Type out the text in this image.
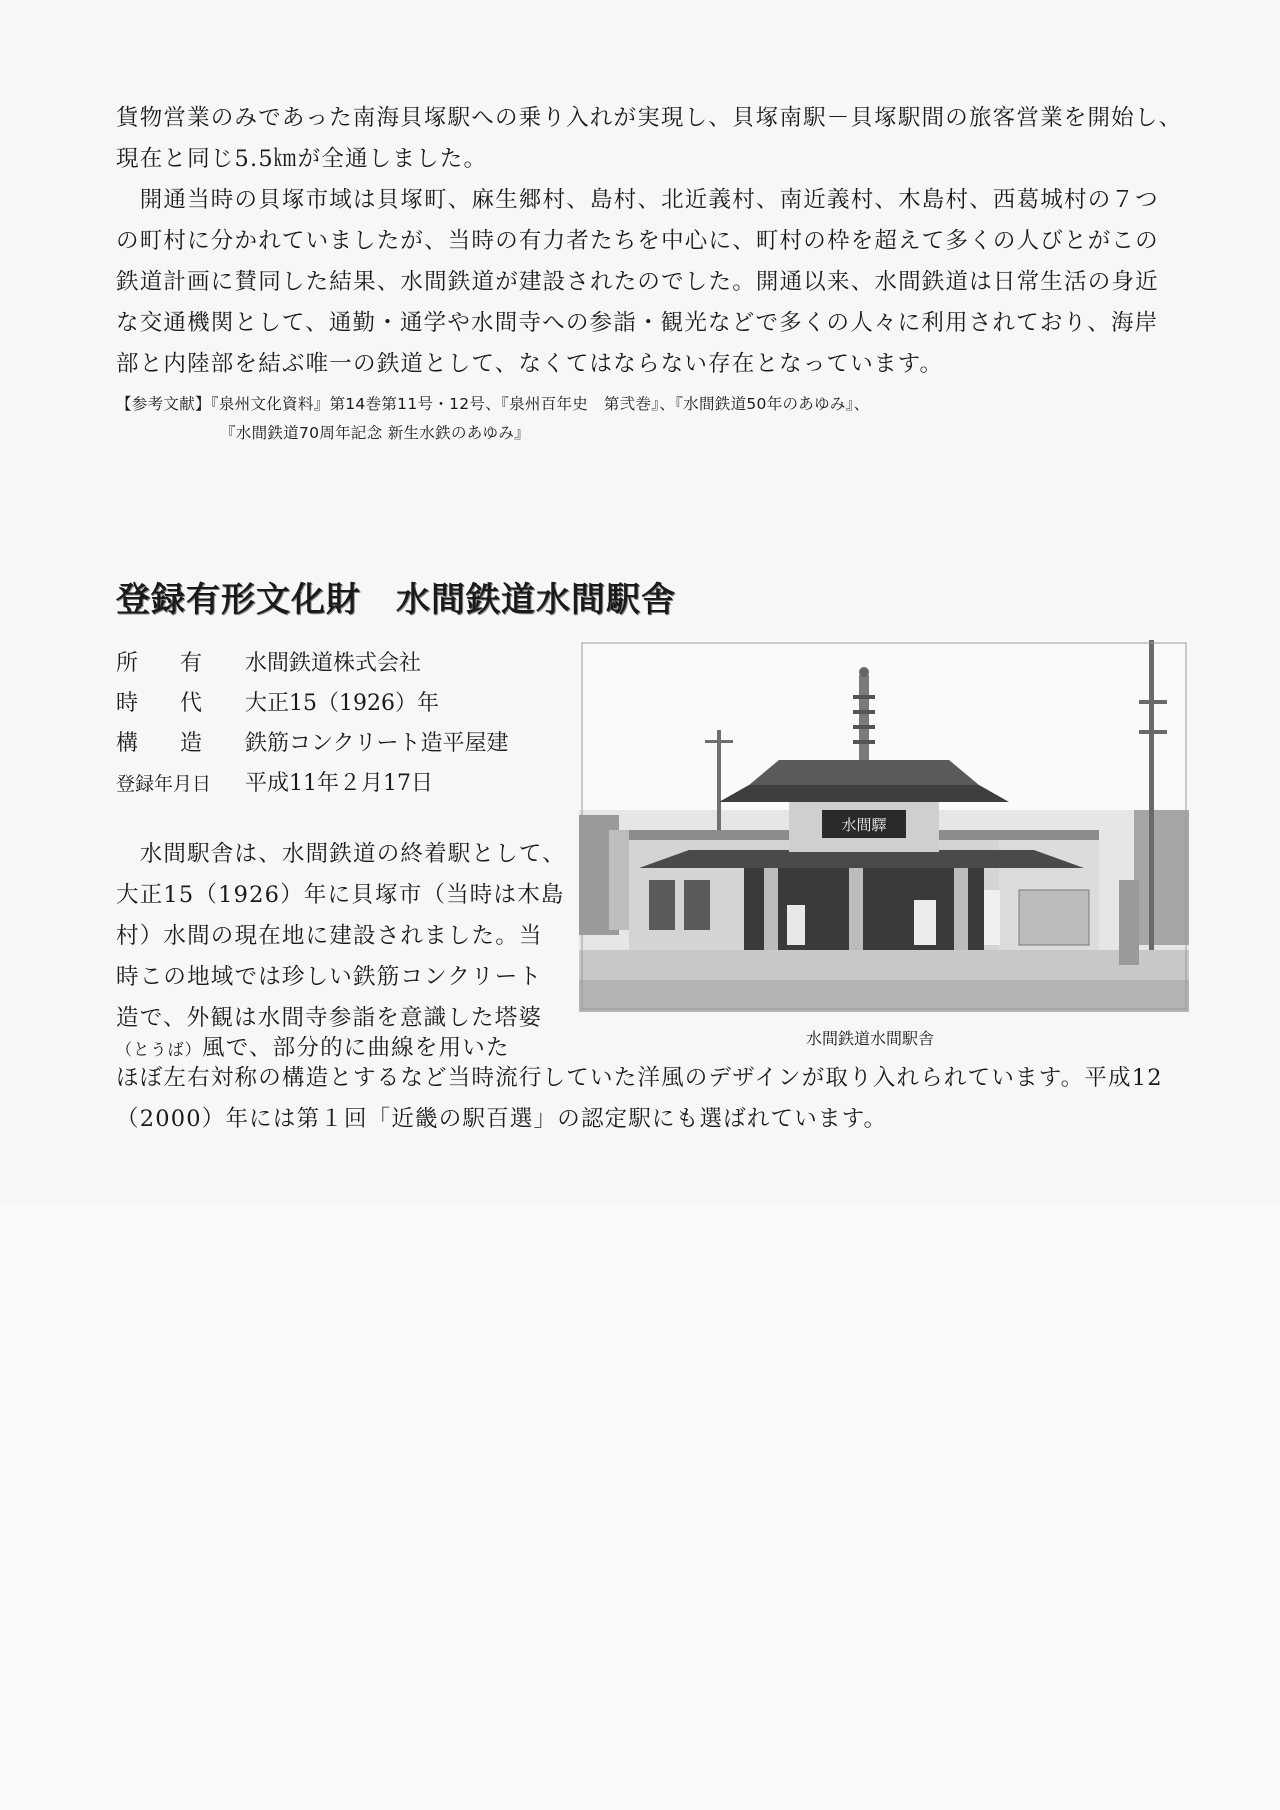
貨物営業のみであった南海貝塚駅への乗り入れが実現し、貝塚南駅－貝塚駅間の旅客営業を開始し、

現在と同じ5.5㎞が全通しました。

　開通当時の貝塚市域は貝塚町、麻生郷村、島村、北近義村、南近義村、木島村、西葛城村の７つ

の町村に分かれていましたが、当時の有力者たちを中心に、町村の枠を超えて多くの人びとがこの

鉄道計画に賛同した結果、水間鉄道が建設されたのでした。開通以来、水間鉄道は日常生活の身近

な交通機関として、通勤・通学や水間寺への参詣・観光などで多くの人々に利用されており、海岸

部と内陸部を結ぶ唯一の鉄道として、なくてはならない存在となっています。

【参考文献】『泉州文化資料』第14巻第11号・12号、『泉州百年史　第弐巻』、『水間鉄道50年のあゆみ』、

『水間鉄道70周年記念 新生水鉄のあゆみ』

登録有形文化財　水間鉄道水間駅舎
所有 水間鉄道株式会社
時代 大正15（1926）年
構造 鉄筋コンクリート造平屋建
登録年月日 平成11年２月17日

　水間駅舎は、水間鉄道の終着駅として、

大正15（1926）年に貝塚市（当時は木島

村）水間の現在地に建設されました。当

時この地域では珍しい鉄筋コンクリート

造で、外観は水間寺参詣を意識した塔婆

（とうば）風で、部分的に曲線を用いた

ほぼ左右対称の構造とするなど当時流行していた洋風のデザインが取り入れられています。平成12

（2000）年には第１回「近畿の駅百選」の認定駅にも選ばれています。

水間驛
水間鉄道水間駅舎
